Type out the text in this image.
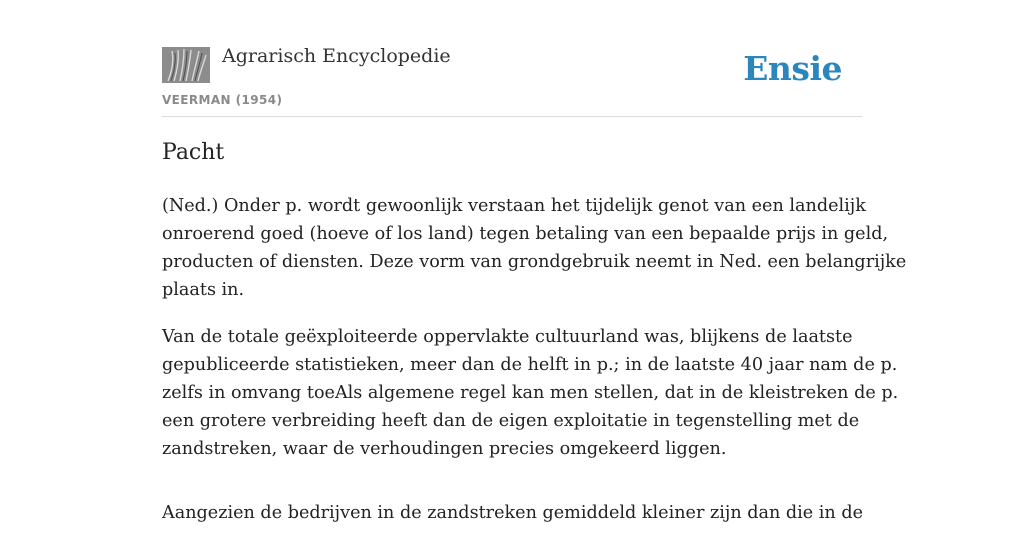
Agrarisch Encyclopedie
VEERMAN (1954)
Ensie
Pacht

(Ned.) Onder p. wordt gewoonlijk verstaan het tijdelijk genot van een landelijk
onroerend goed (hoeve of los land) tegen betaling van een bepaalde prijs in geld,
producten of diensten. Deze vorm van grondgebruik neemt in Ned. een belangrijke
plaats in.

Van de totale geëxploiteerde oppervlakte cultuurland was, blijkens de laatste
gepubliceerde statistieken, meer dan de helft in p.; in de laatste 40 jaar nam de p.
zelfs in omvang toeAls algemene regel kan men stellen, dat in de kleistreken de p.
een grotere verbreiding heeft dan de eigen exploitatie in tegenstelling met de
zandstreken, waar de verhoudingen precies omgekeerd liggen.

Aangezien de bedrijven in de zandstreken gemiddeld kleiner zijn dan die in de
